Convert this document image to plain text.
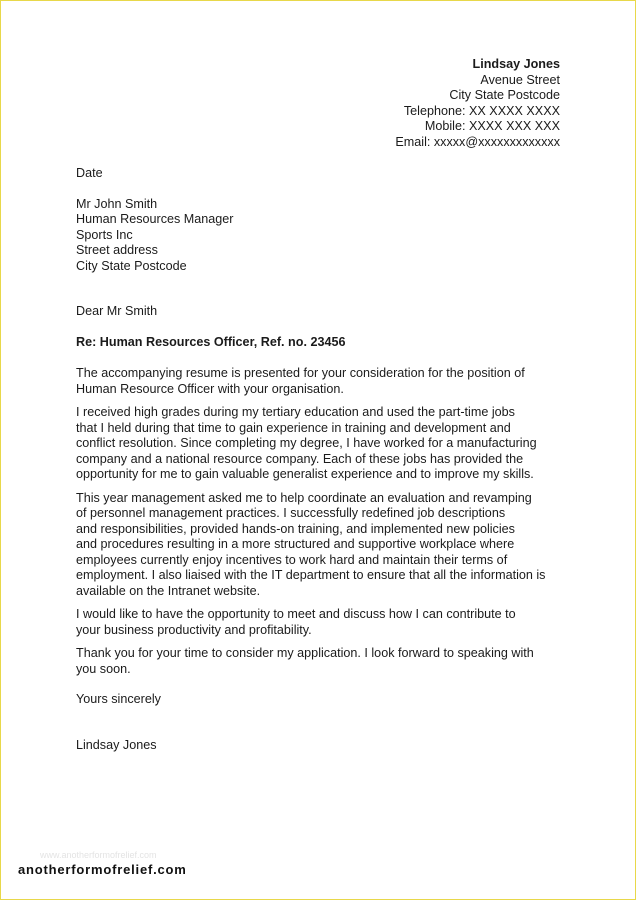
Lindsay Jones
Avenue Street
City State Postcode
Telephone: XX XXXX XXXX
Mobile: XXXX XXX XXX
Email: xxxxx@xxxxxxxxxxxxx
Date
Mr John Smith
Human Resources Manager
Sports Inc
Street address
City State Postcode
Dear Mr Smith
Re: Human Resources Officer, Ref. no. 23456
The accompanying resume is presented for your consideration for the position of
Human Resource Officer with your organisation.
I received high grades during my tertiary education and used the part-time jobs
that I held during that time to gain experience in training and development and
conflict resolution. Since completing my degree, I have worked for a manufacturing
company and a national resource company. Each of these jobs has provided the
opportunity for me to gain valuable generalist experience and to improve my skills.
This year management asked me to help coordinate an evaluation and revamping
of personnel management practices. I successfully redefined job descriptions
and responsibilities, provided hands-on training, and implemented new policies
and procedures resulting in a more structured and supportive workplace where
employees currently enjoy incentives to work hard and maintain their terms of
employment. I also liaised with the IT department to ensure that all the information is
available on the Intranet website.
I would like to have the opportunity to meet and discuss how I can contribute to
your business productivity and profitability.
Thank you for your time to consider my application. I look forward to speaking with
you soon.
Yours sincerely
Lindsay Jones
www.anotherformofrelief.com
anotherformofrelief.com
